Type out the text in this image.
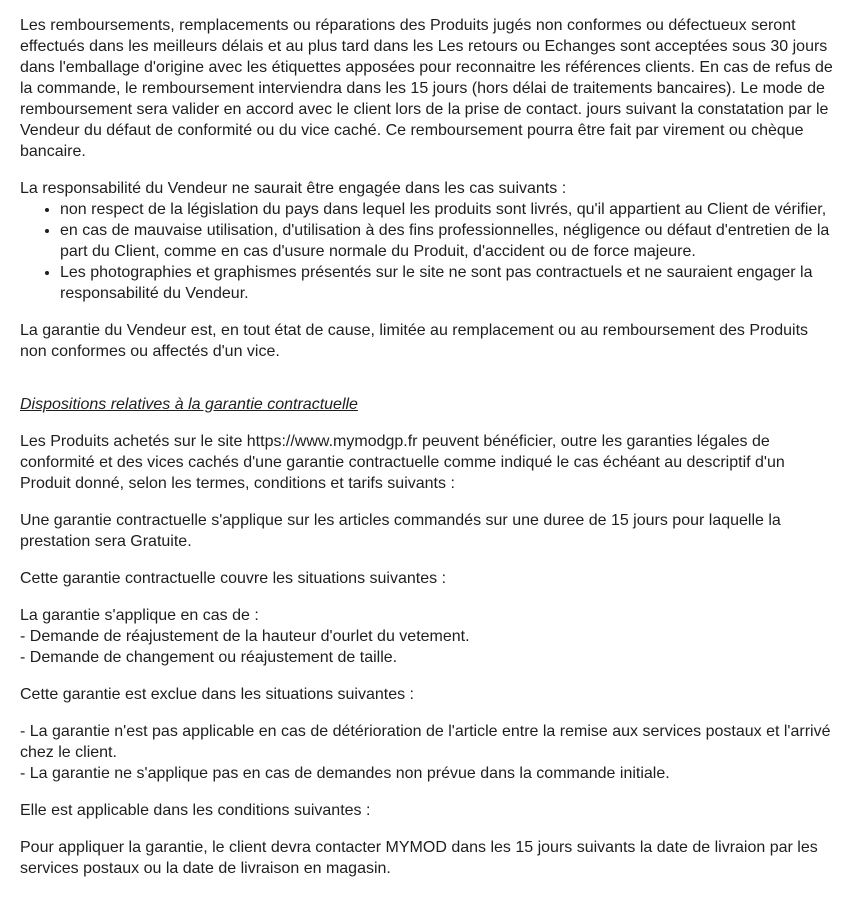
Les remboursements, remplacements ou réparations des Produits jugés non conformes ou défectueux seront effectués dans les meilleurs délais et au plus tard dans les Les retours ou Echanges sont acceptées sous 30 jours dans l'emballage d'origine avec les étiquettes apposées pour reconnaitre les références clients. En cas de refus de la commande, le remboursement interviendra dans les 15 jours (hors délai de traitements bancaires). Le mode de remboursement sera valider en accord avec le client lors de la prise de contact. jours suivant la constatation par le Vendeur du défaut de conformité ou du vice caché. Ce remboursement pourra être fait par virement ou chèque bancaire.

La responsabilité du Vendeur ne saurait être engagée dans les cas suivants :

• non respect de la législation du pays dans lequel les produits sont livrés, qu'il appartient au Client de vérifier,
• en cas de mauvaise utilisation, d'utilisation à des fins professionnelles, négligence ou défaut d'entretien de la part du Client, comme en cas d'usure normale du Produit, d'accident ou de force majeure.
• Les photographies et graphismes présentés sur le site ne sont pas contractuels et ne sauraient engager la responsabilité du Vendeur.

La garantie du Vendeur est, en tout état de cause, limitée au remplacement ou au remboursement des Produits non conformes ou affectés d'un vice.

Dispositions relatives à la garantie contractuelle

Les Produits achetés sur le site https://www.mymodgp.fr peuvent bénéficier, outre les garanties légales de conformité et des vices cachés d'une garantie contractuelle comme indiqué le cas échéant au descriptif d'un Produit donné, selon les termes, conditions et tarifs suivants :

Une garantie contractuelle s'applique sur les articles commandés sur une duree de 15 jours pour laquelle la prestation sera Gratuite.

Cette garantie contractuelle couvre les situations suivantes :

La garantie s'applique en cas de :
- Demande de réajustement de la hauteur d'ourlet du vetement.
- Demande de changement ou réajustement de taille.

Cette garantie est exclue dans les situations suivantes :

- La garantie n'est pas applicable en cas de détérioration de l'article entre la remise aux services postaux et l'arrivé chez le client.
- La garantie ne s'applique pas en cas de demandes non prévue dans la commande initiale.

Elle est applicable dans les conditions suivantes :

Pour appliquer la garantie, le client devra contacter MYMOD dans les 15 jours suivants la date de livraion par les services postaux ou la date de livraison en magasin.
